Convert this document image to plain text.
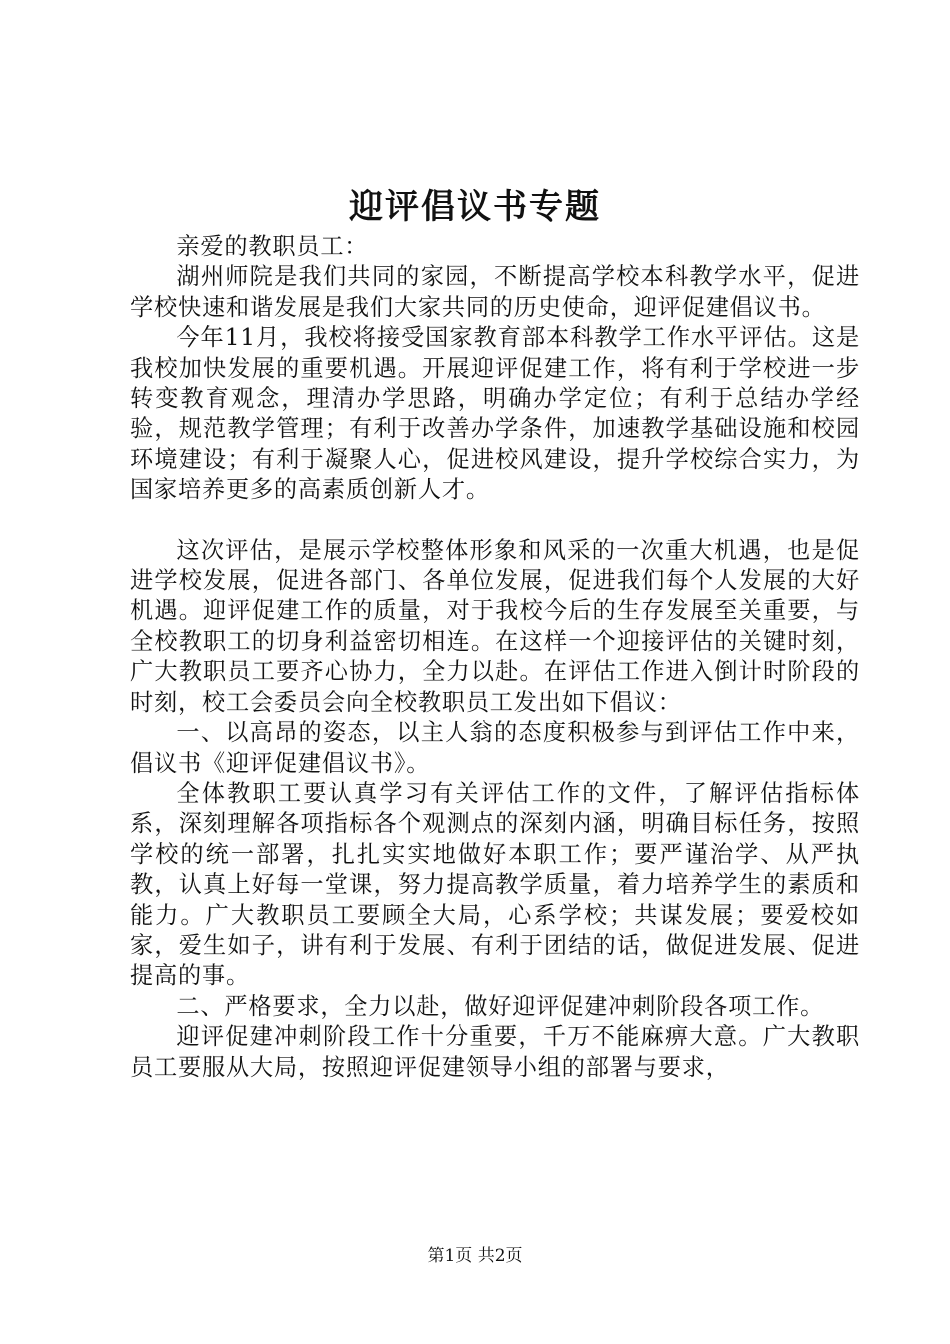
迎评倡议书专题

亲爱的教职员工：

湖州师院是我们共同的家园，不断提高学校本科教学水平，促进学校快速和谐发展是我们大家共同的历史使命，迎评促建倡议书。

今年11月，我校将接受国家教育部本科教学工作水平评估。这是我校加快发展的重要机遇。开展迎评促建工作，将有利于学校进一步转变教育观念，理清办学思路，明确办学定位；有利于总结办学经验，规范教学管理；有利于改善办学条件，加速教学基础设施和校园环境建设；有利于凝聚人心，促进校风建设，提升学校综合实力，为国家培养更多的高素质创新人才。

这次评估，是展示学校整体形象和风采的一次重大机遇，也是促进学校发展，促进各部门、各单位发展，促进我们每个人发展的大好机遇。迎评促建工作的质量，对于我校今后的生存发展至关重要，与全校教职工的切身利益密切相连。在这样一个迎接评估的关键时刻，广大教职员工要齐心协力，全力以赴。在评估工作进入倒计时阶段的时刻，校工会委员会向全校教职员工发出如下倡议：

一、以高昂的姿态，以主人翁的态度积极参与到评估工作中来，倡议书《迎评促建倡议书》。

全体教职工要认真学习有关评估工作的文件，了解评估指标体系，深刻理解各项指标各个观测点的深刻内涵，明确目标任务，按照学校的统一部署，扎扎实实地做好本职工作；要严谨治学、从严执教，认真上好每一堂课，努力提高教学质量，着力培养学生的素质和能力。广大教职员工要顾全大局，心系学校；共谋发展；要爱校如家，爱生如子，讲有利于发展、有利于团结的话，做促进发展、促进提高的事。

二、严格要求，全力以赴，做好迎评促建冲刺阶段各项工作。

迎评促建冲刺阶段工作十分重要，千万不能麻痹大意。广大教职员工要服从大局，按照迎评促建领导小组的部署与要求，

第1页 共2页
